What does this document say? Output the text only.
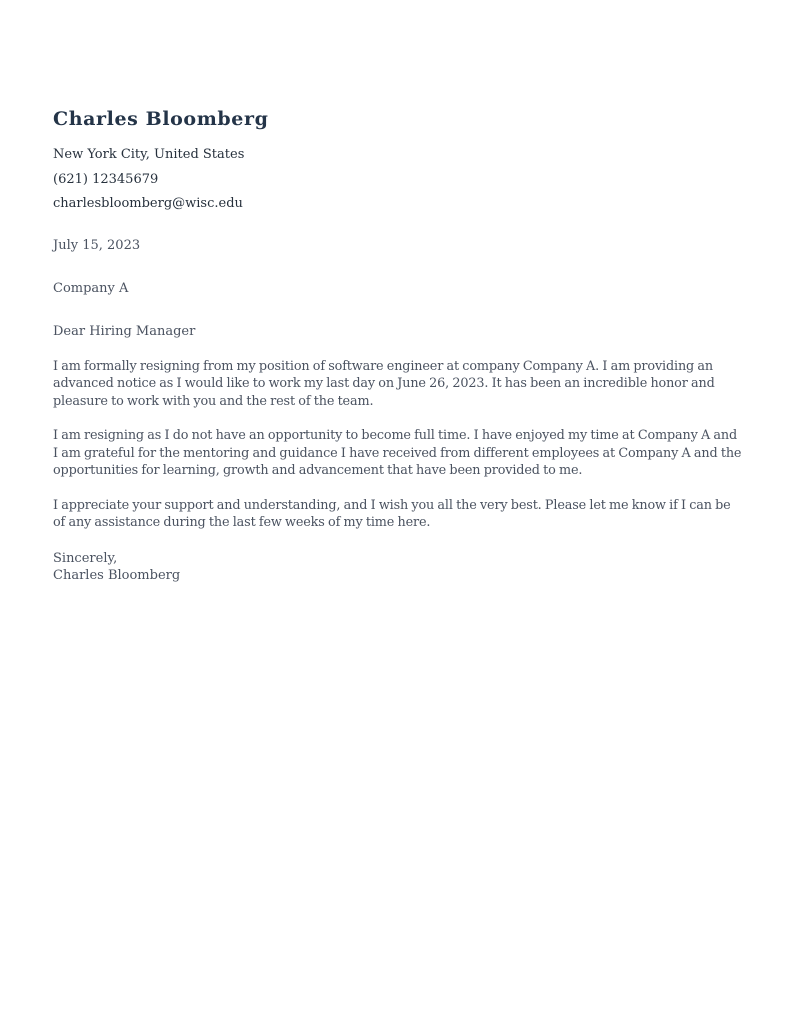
Charles Bloomberg
New York City, United States
(621) 12345679
charlesbloomberg@wisc.edu
July 15, 2023
Company A
Dear Hiring Manager

I am formally resigning from my position of software engineer at company Company A. I am providing an advanced notice as I would like to work my last day on June 26, 2023. It has been an incredible honor and pleasure to work with you and the rest of the team.

I am resigning as I do not have an opportunity to become full time. I have enjoyed my time at Company A and I am grateful for the mentoring and guidance I have received from different employees at Company A and the opportunities for learning, growth and advancement that have been provided to me.

I appreciate your support and understanding, and I wish you all the very best. Please let me know if I can be of any assistance during the last few weeks of my time here.

Sincerely,
Charles Bloomberg
